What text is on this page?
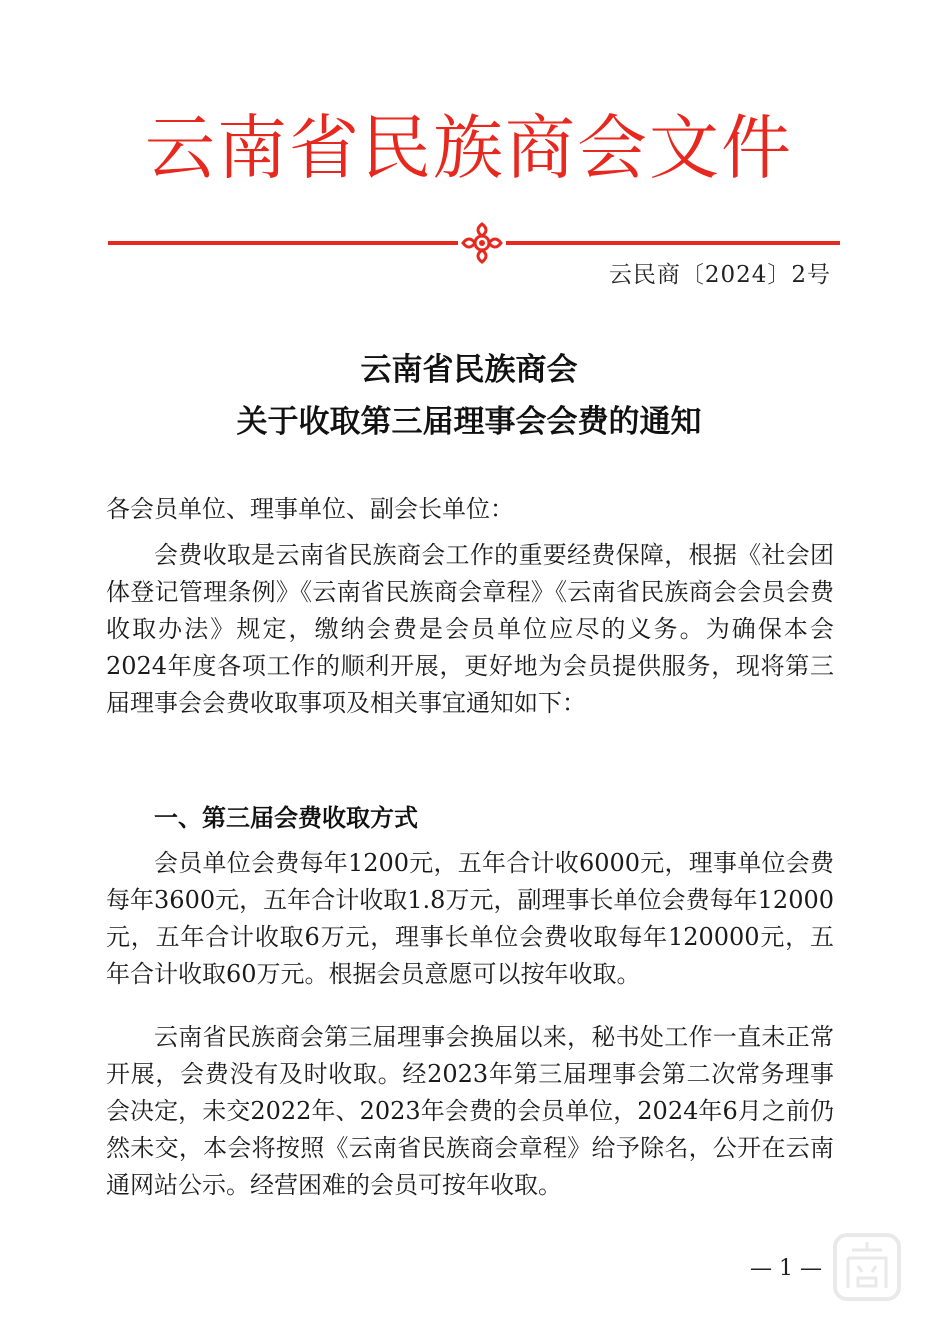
云南省民族商会文件
云民商〔2024〕2号
云南省民族商会
关于收取第三届理事会会费的通知
各会员单位、理事单位、副会长单位：
会费收取是云南省民族商会工作的重要经费保障，根据《社会团体登记管理条例》《云南省民族商会章程》《云南省民族商会会员会费收取办法》规定，缴纳会费是会员单位应尽的义务。为确保本会2024年度各项工作的顺利开展，更好地为会员提供服务，现将第三届理事会会费收取事项及相关事宜通知如下：
一、第三届会费收取方式
会员单位会费每年1200元，五年合计收6000元，理事单位会费每年3600元，五年合计收取1.8万元，副理事长单位会费每年12000元，五年合计收取6万元，理事长单位会费收取每年120000元，五年合计收取60万元。根据会员意愿可以按年收取。
云南省民族商会第三届理事会换届以来，秘书处工作一直未正常开展，会费没有及时收取。经2023年第三届理事会第二次常务理事会决定，未交2022年、2023年会费的会员单位，2024年6月之前仍然未交，本会将按照《云南省民族商会章程》给予除名，公开在云南通网站公示。经营困难的会员可按年收取。
— 1 —
